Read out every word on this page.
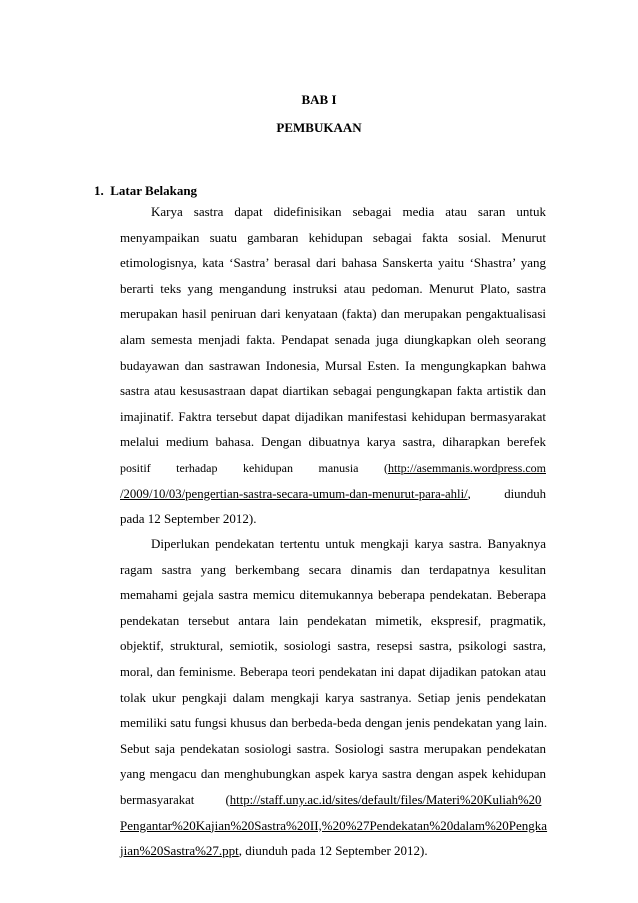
BAB I
PEMBUKAAN
1.  Latar Belakang
Karya sastra dapat didefinisikan sebagai media atau saran untuk
menyampaikan suatu gambaran kehidupan sebagai fakta sosial. Menurut
etimologisnya, kata ‘Sastra’ berasal dari bahasa Sanskerta yaitu ‘Shastra’ yang
berarti teks yang mengandung instruksi atau pedoman. Menurut Plato, sastra
merupakan hasil peniruan dari kenyataan (fakta) dan merupakan pengaktualisasi
alam semesta menjadi fakta. Pendapat senada juga diungkapkan oleh seorang
budayawan dan sastrawan Indonesia, Mursal Esten. Ia mengungkapkan bahwa
sastra atau kesusastraan dapat diartikan sebagai pengungkapan fakta artistik dan
imajinatif. Faktra tersebut dapat dijadikan manifestasi kehidupan bermasyarakat
melalui medium bahasa. Dengan dibuatnya karya sastra, diharapkan berefek
positif terhadap kehidupan manusia (http://asemmanis.wordpress.com
/2009/10/03/pengertian-sastra-secara-umum-dan-menurut-para-ahli/, diunduh
pada 12 September 2012).
Diperlukan pendekatan tertentu untuk mengkaji karya sastra. Banyaknya
ragam sastra yang berkembang secara dinamis dan terdapatnya kesulitan
memahami gejala sastra memicu ditemukannya beberapa pendekatan. Beberapa
pendekatan tersebut antara lain pendekatan mimetik, ekspresif, pragmatik,
objektif, struktural, semiotik, sosiologi sastra, resepsi sastra, psikologi sastra,
moral, dan feminisme. Beberapa teori pendekatan ini dapat dijadikan patokan atau
tolak ukur pengkaji dalam mengkaji karya sastranya. Setiap jenis pendekatan
memiliki satu fungsi khusus dan berbeda-beda dengan jenis pendekatan yang lain.
Sebut saja pendekatan sosiologi sastra. Sosiologi sastra merupakan pendekatan
yang mengacu dan menghubungkan aspek karya sastra dengan aspek kehidupan
bermasyarakat (http://staff.uny.ac.id/sites/default/files/Materi%20Kuliah%20
Pengantar%20Kajian%20Sastra%20II,%20%27Pendekatan%20dalam%20Pengka
jian%20Sastra%27.ppt, diunduh pada 12 September 2012).
